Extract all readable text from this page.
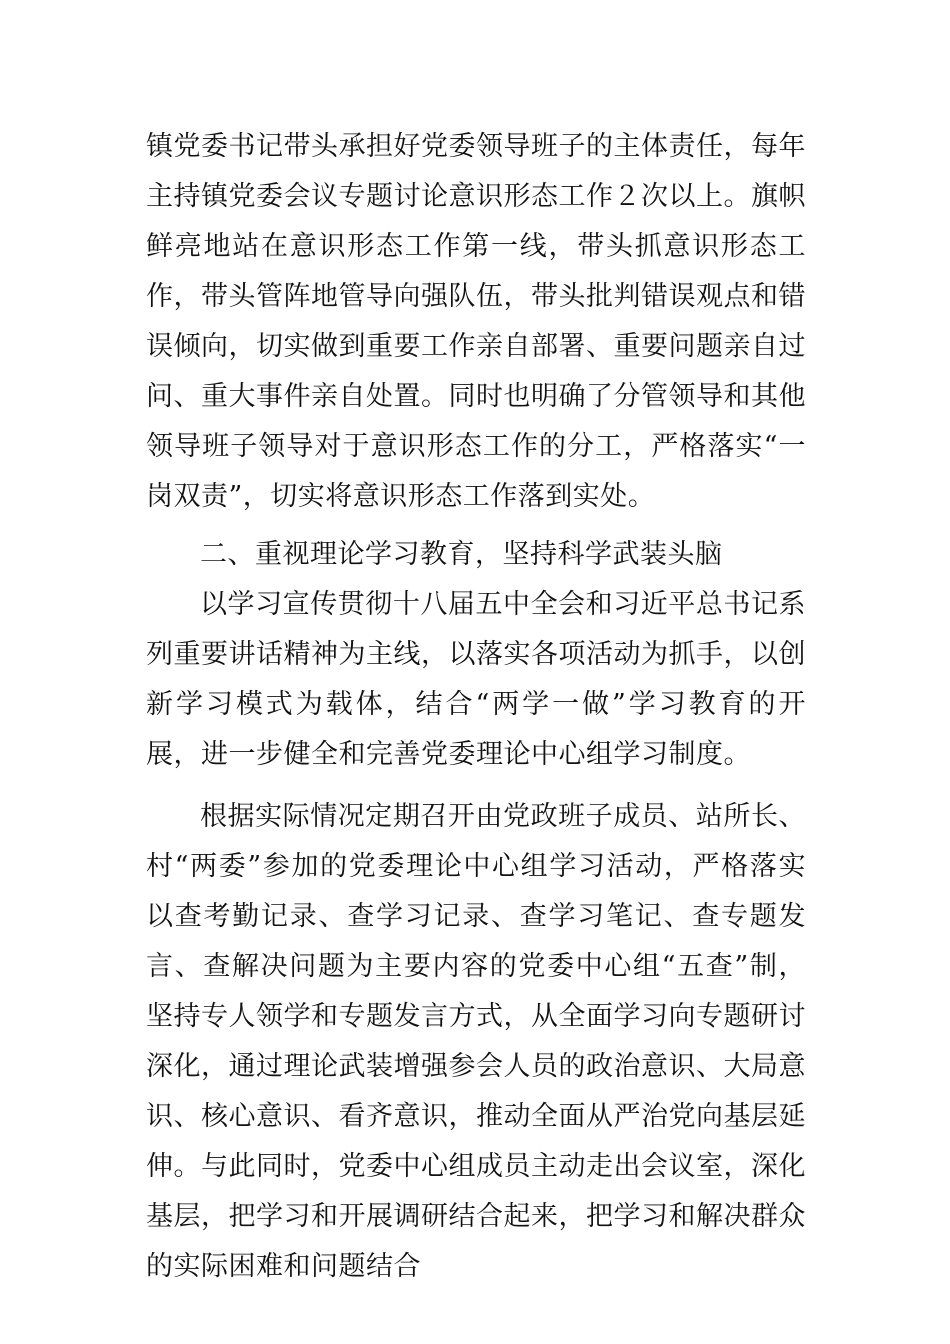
镇党委书记带头承担好党委领导班子的主体责任，每年主持镇党委会议专题讨论意识形态工作２次以上。旗帜鲜亮地站在意识形态工作第一线，带头抓意识形态工作，带头管阵地管导向强队伍，带头批判错误观点和错误倾向，切实做到重要工作亲自部署、重要问题亲自过问、重大事件亲自处置。同时也明确了分管领导和其他领导班子领导对于意识形态工作的分工，严格落实“一岗双责”，切实将意识形态工作落到实处。

二、重视理论学习教育，坚持科学武装头脑

以学习宣传贯彻十八届五中全会和习近平总书记系列重要讲话精神为主线，以落实各项活动为抓手，以创新学习模式为载体，结合“两学一做”学习教育的开展，进一步健全和完善党委理论中心组学习制度。

根据实际情况定期召开由党政班子成员、站所长、村“两委”参加的党委理论中心组学习活动，严格落实以查考勤记录、查学习记录、查学习笔记、查专题发言、查解决问题为主要内容的党委中心组“五查”制，坚持专人领学和专题发言方式，从全面学习向专题研讨深化，通过理论武装增强参会人员的政治意识、大局意识、核心意识、看齐意识，推动全面从严治党向基层延伸。与此同时，党委中心组成员主动走出会议室，深化基层，把学习和开展调研结合起来，把学习和解决群众的实际困难和问题结合
